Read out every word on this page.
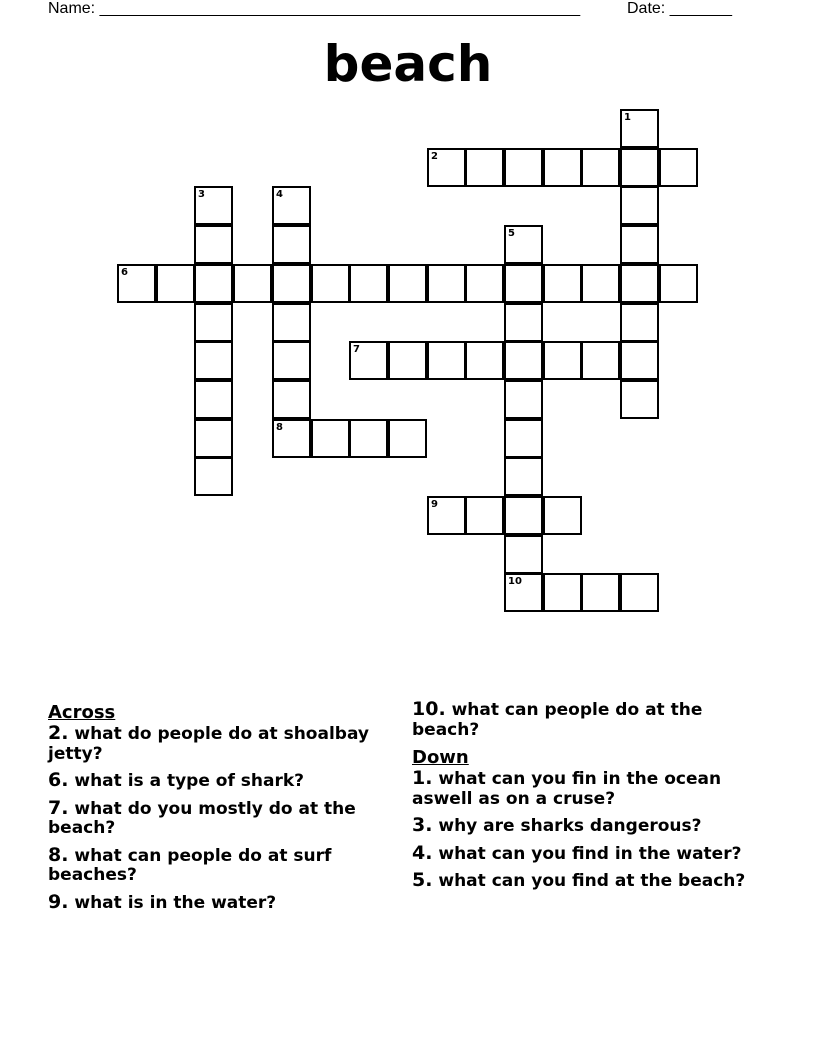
Name: ______________________________________________________	Date: _______
beach
1
2
3	4
8
5
10
6
7
9
Across
2. what do people do at shoalbay jetty?
6. what is a type of shark?
7. what do you mostly do at the beach?
8. what can people do at surf beaches?
9. what is in the water?
10. what can people do at the beach?
Down
1. what can you fin in the ocean aswell as on a cruse?
3. why are sharks dangerous?
4. what can you find in the water?
5. what can you find at the beach?
